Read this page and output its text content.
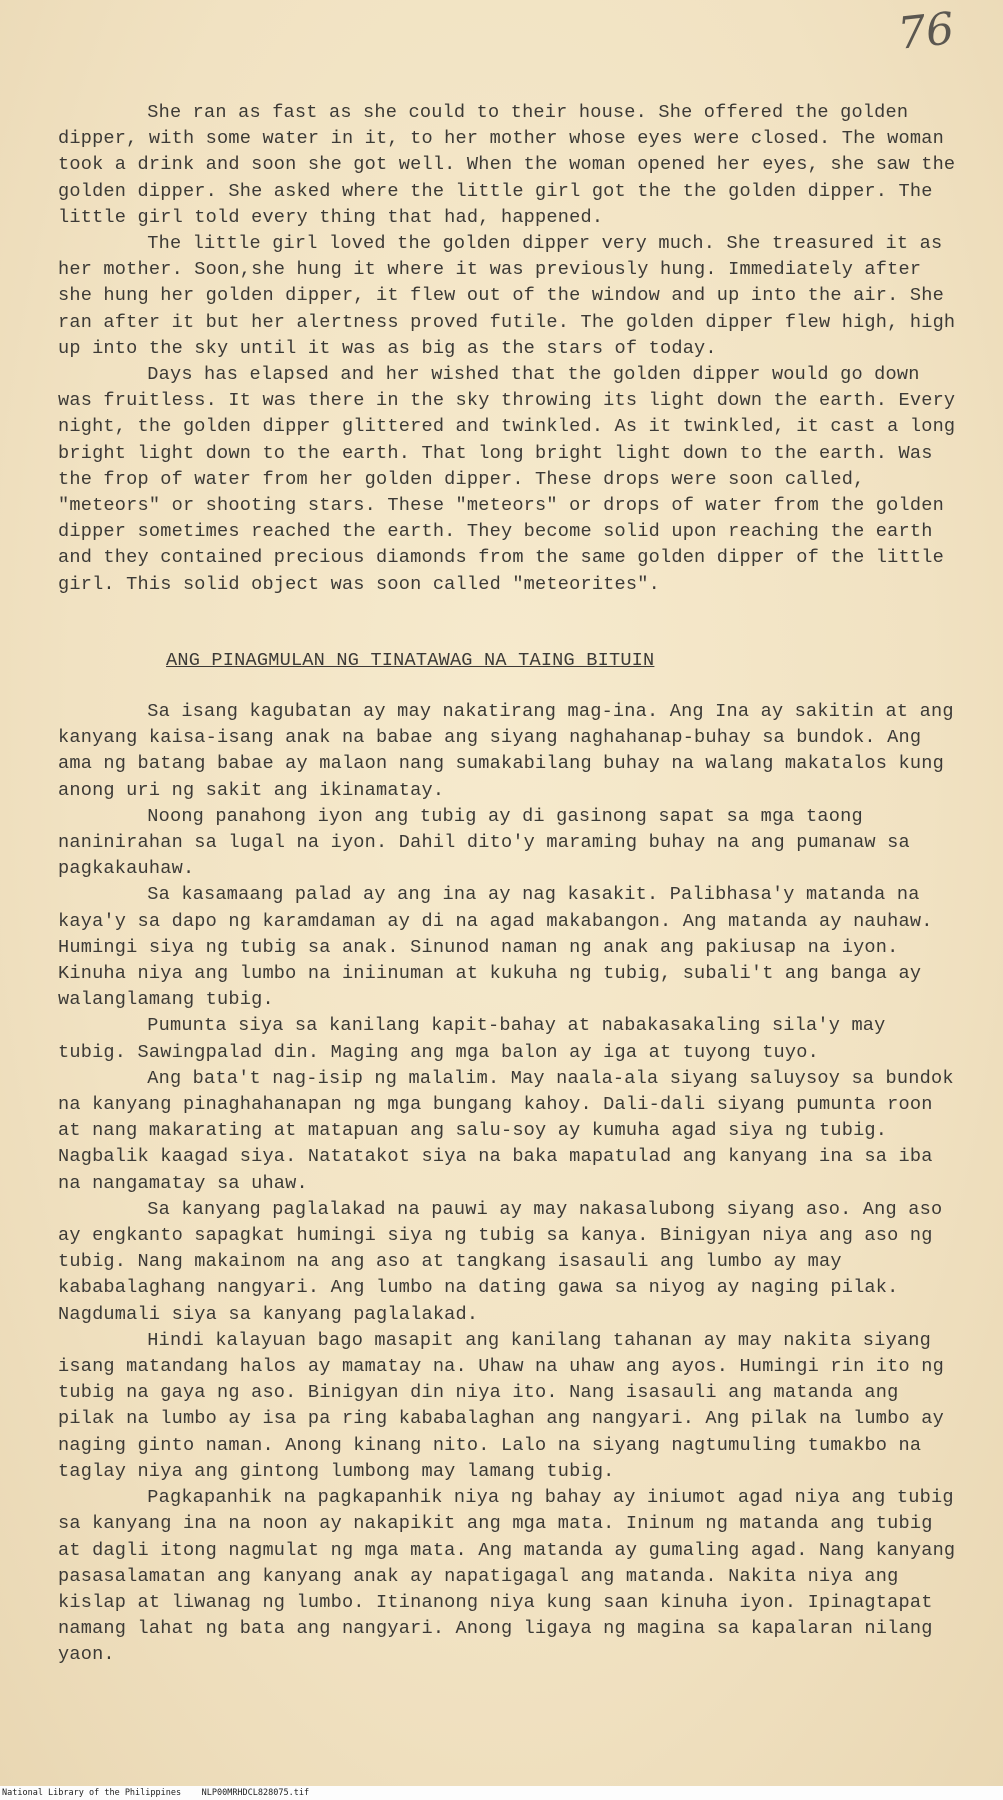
76

She ran as fast as she could to their house. She offered the golden dipper, with some water in it, to her mother whose eyes were closed. The woman took a drink and soon she got well. When the woman opened her eyes, she saw the golden dipper. She asked where the little girl got the the golden dipper. The little girl told every thing that had, happened.

The little girl loved the golden dipper very much. She treasured it as her mother. Soon,she hung it where it was previously hung. Immediately after she hung her golden dipper, it flew out of the window and up into the air. She ran after it but her alertness proved futile. The golden dipper flew high, high up into the sky until it was as big as the stars of today.

Days has elapsed and her wished that the golden dipper would go down was fruitless. It was there in the sky throwing its light down the earth. Every night, the golden dipper glittered and twinkled. As it twinkled, it cast a long bright light down to the earth. That long bright light down to the earth. Was the frop of water from her golden dipper. These drops were soon called, "meteors" or shooting stars. These "meteors" or drops of water from the golden dipper sometimes reached the earth. They become solid upon reaching the earth and they contained precious diamonds from the same golden dipper of the little girl. This solid object was soon called "meteorites".

ANG PINAGMULAN NG TINATAWAG NA TAING BITUIN

Sa isang kagubatan ay may nakatirang mag-ina. Ang Ina ay sakitin at ang kanyang kaisa-isang anak na babae ang siyang naghahanap-buhay sa bundok. Ang ama ng batang babae ay malaon nang sumakabilang buhay na walang makatalos kung anong uri ng sakit ang ikinamatay.

Noong panahong iyon ang tubig ay di gasinong sapat sa mga taong naninirahan sa lugal na iyon. Dahil dito'y maraming buhay na ang pumanaw sa pagkakauhaw.

Sa kasamaang palad ay ang ina ay nag kasakit. Palibhasa'y matanda na kaya'y sa dapo ng karamdaman ay di na agad makabangon. Ang matanda ay nauhaw. Humingi siya ng tubig sa anak. Sinunod naman ng anak ang pakiusap na iyon. Kinuha niya ang lumbo na iniinuman at kukuha ng tubig, subali't ang banga ay walanglamang tubig.

Pumunta siya sa kanilang kapit-bahay at nabakasakaling sila'y may tubig. Sawingpalad din. Maging ang mga balon ay iga at tuyong tuyo.

Ang bata't nag-isip ng malalim. May naala-ala siyang saluysoy sa bundok na kanyang pinaghahanapan ng mga bungang kahoy. Dali-dali siyang pumunta roon at nang makarating at matapuan ang salu-soy ay kumuha agad siya ng tubig. Nagbalik kaagad siya. Natatakot siya na baka mapatulad ang kanyang ina sa iba na nangamatay sa uhaw.

Sa kanyang paglalakad na pauwi ay may nakasalubong siyang aso. Ang aso ay engkanto sapagkat humingi siya ng tubig sa kanya. Binigyan niya ang aso ng tubig. Nang makainom na ang aso at tangkang isasauli ang lumbo ay may kababalaghang nangyari. Ang lumbo na dating gawa sa niyog ay naging pilak. Nagdumali siya sa kanyang paglalakad.

Hindi kalayuan bago masapit ang kanilang tahanan ay may nakita siyang isang matandang halos ay mamatay na. Uhaw na uhaw ang ayos. Humingi rin ito ng tubig na gaya ng aso. Binigyan din niya ito. Nang isasauli ang matanda ang pilak na lumbo ay isa pa ring kababalaghan ang nangyari. Ang pilak na lumbo ay naging ginto naman. Anong kinang nito. Lalo na siyang nagtumuling tumakbo na taglay niya ang gintong lumbong may lamang tubig.

Pagkapanhik na pagkapanhik niya ng bahay ay iniumot agad niya ang tubig sa kanyang ina na noon ay nakapikit ang mga mata. Ininum ng matanda ang tubig at dagli itong nagmulat ng mga mata. Ang matanda ay gumaling agad. Nang kanyang pasasalamatan ang kanyang anak ay napatigagal ang matanda. Nakita niya ang kislap at liwanag ng lumbo. Itinanong niya kung saan kinuha iyon. Ipinagtapat namang lahat ng bata ang nangyari. Anong ligaya ng magina sa kapalaran nilang yaon.

National Library of the Philippines NLP00MRHDCL828075.tif
